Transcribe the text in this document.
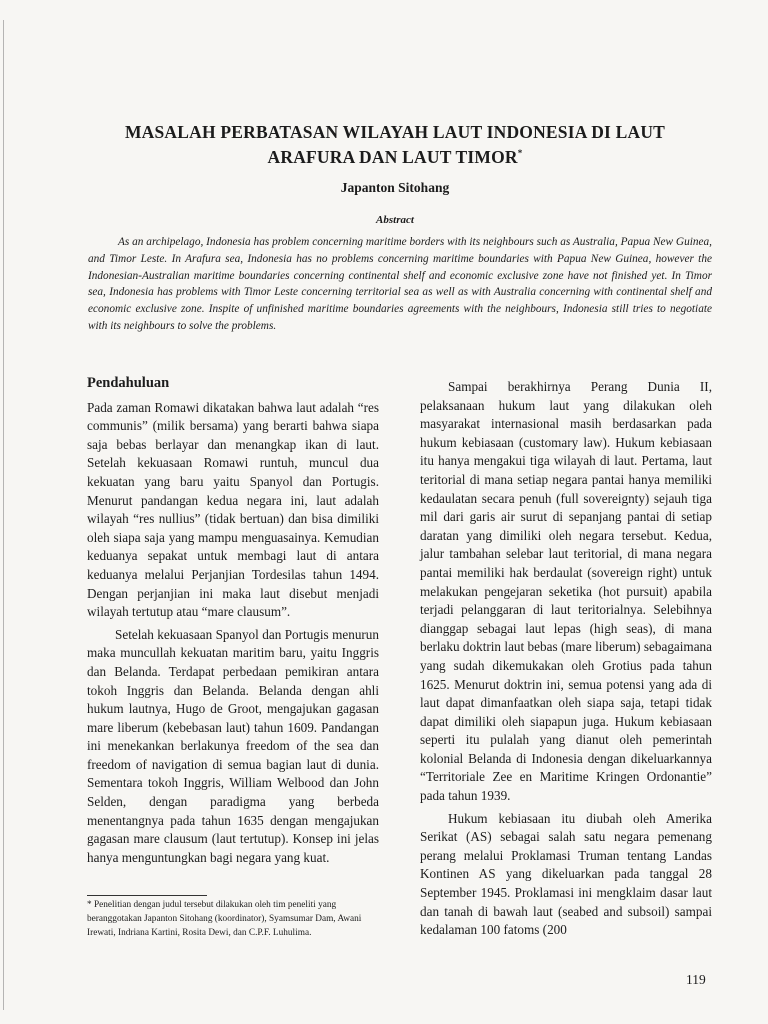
MASALAH PERBATASAN WILAYAH LAUT INDONESIA DI LAUT
ARAFURA DAN LAUT TIMOR*
Japanton Sitohang
Abstract

As an archipelago, Indonesia has problem concerning maritime borders with its neighbours such as Australia, Papua New Guinea, and Timor Leste. In Arafura sea, Indonesia has no problems concerning maritime boundaries with Papua New Guinea, however the Indonesian-Australian maritime boundaries concerning continental shelf and economic exclusive zone have not finished yet. In Timor sea, Indonesia has problems with Timor Leste concerning territorial sea as well as with Australia concerning with continental shelf and economic exclusive zone. Inspite of unfinished maritime boundaries agreements with the neighbours, Indonesia still tries to negotiate with its neighbours to solve the problems.

Pendahuluan

Pada zaman Romawi dikatakan bahwa laut adalah “res communis” (milik bersama) yang berarti bahwa siapa saja bebas berlayar dan menangkap ikan di laut. Setelah kekuasaan Romawi runtuh, muncul dua kekuatan yang baru yaitu Spanyol dan Portugis. Menurut pandangan kedua negara ini, laut adalah wilayah “res nullius” (tidak bertuan) dan bisa dimiliki oleh siapa saja yang mampu menguasainya. Kemudian keduanya sepakat untuk membagi laut di antara keduanya melalui Perjanjian Tordesilas tahun 1494. Dengan perjanjian ini maka laut disebut menjadi wilayah tertutup atau “mare clausum”.

Setelah kekuasaan Spanyol dan Portugis menurun maka muncullah kekuatan maritim baru, yaitu Inggris dan Belanda. Terdapat perbedaan pemikiran antara tokoh Inggris dan Belanda. Belanda dengan ahli hukum lautnya, Hugo de Groot, mengajukan gagasan mare liberum (kebebasan laut) tahun 1609. Pandangan ini menekankan berlakunya freedom of the sea dan freedom of navigation di semua bagian laut di dunia. Sementara tokoh Inggris, William Welbood dan John Selden, dengan paradigma yang berbeda menentangnya pada tahun 1635 dengan mengajukan gagasan mare clausum (laut tertutup). Konsep ini jelas hanya menguntungkan bagi negara yang kuat.

* Penelitian dengan judul tersebut dilakukan oleh tim peneliti yang beranggotakan Japanton Sitohang (koordinator), Syamsumar Dam, Awani Irewati, Indriana Kartini, Rosita Dewi, dan C.P.F. Luhulima.

Sampai berakhirnya Perang Dunia II, pelaksanaan hukum laut yang dilakukan oleh masyarakat internasional masih berdasarkan pada hukum kebiasaan (customary law). Hukum kebiasaan itu hanya mengakui tiga wilayah di laut. Pertama, laut teritorial di mana setiap negara pantai hanya memiliki kedaulatan secara penuh (full sovereignty) sejauh tiga mil dari garis air surut di sepanjang pantai di setiap daratan yang dimiliki oleh negara tersebut. Kedua, jalur tambahan selebar laut teritorial, di mana negara pantai memiliki hak berdaulat (sovereign right) untuk melakukan pengejaran seketika (hot pursuit) apabila terjadi pelanggaran di laut teritorialnya. Selebihnya dianggap sebagai laut lepas (high seas), di mana berlaku doktrin laut bebas (mare liberum) sebagaimana yang sudah dikemukakan oleh Grotius pada tahun 1625. Menurut doktrin ini, semua potensi yang ada di laut dapat dimanfaatkan oleh siapa saja, tetapi tidak dapat dimiliki oleh siapapun juga. Hukum kebiasaan seperti itu pulalah yang dianut oleh pemerintah kolonial Belanda di Indonesia dengan dikeluarkannya “Territoriale Zee en Maritime Kringen Ordonantie” pada tahun 1939.

Hukum kebiasaan itu diubah oleh Amerika Serikat (AS) sebagai salah satu negara pemenang perang melalui Proklamasi Truman tentang Landas Kontinen AS yang dikeluarkan pada tanggal 28 September 1945. Proklamasi ini mengklaim dasar laut dan tanah di bawah laut (seabed and subsoil) sampai kedalaman 100 fatoms (200

119
